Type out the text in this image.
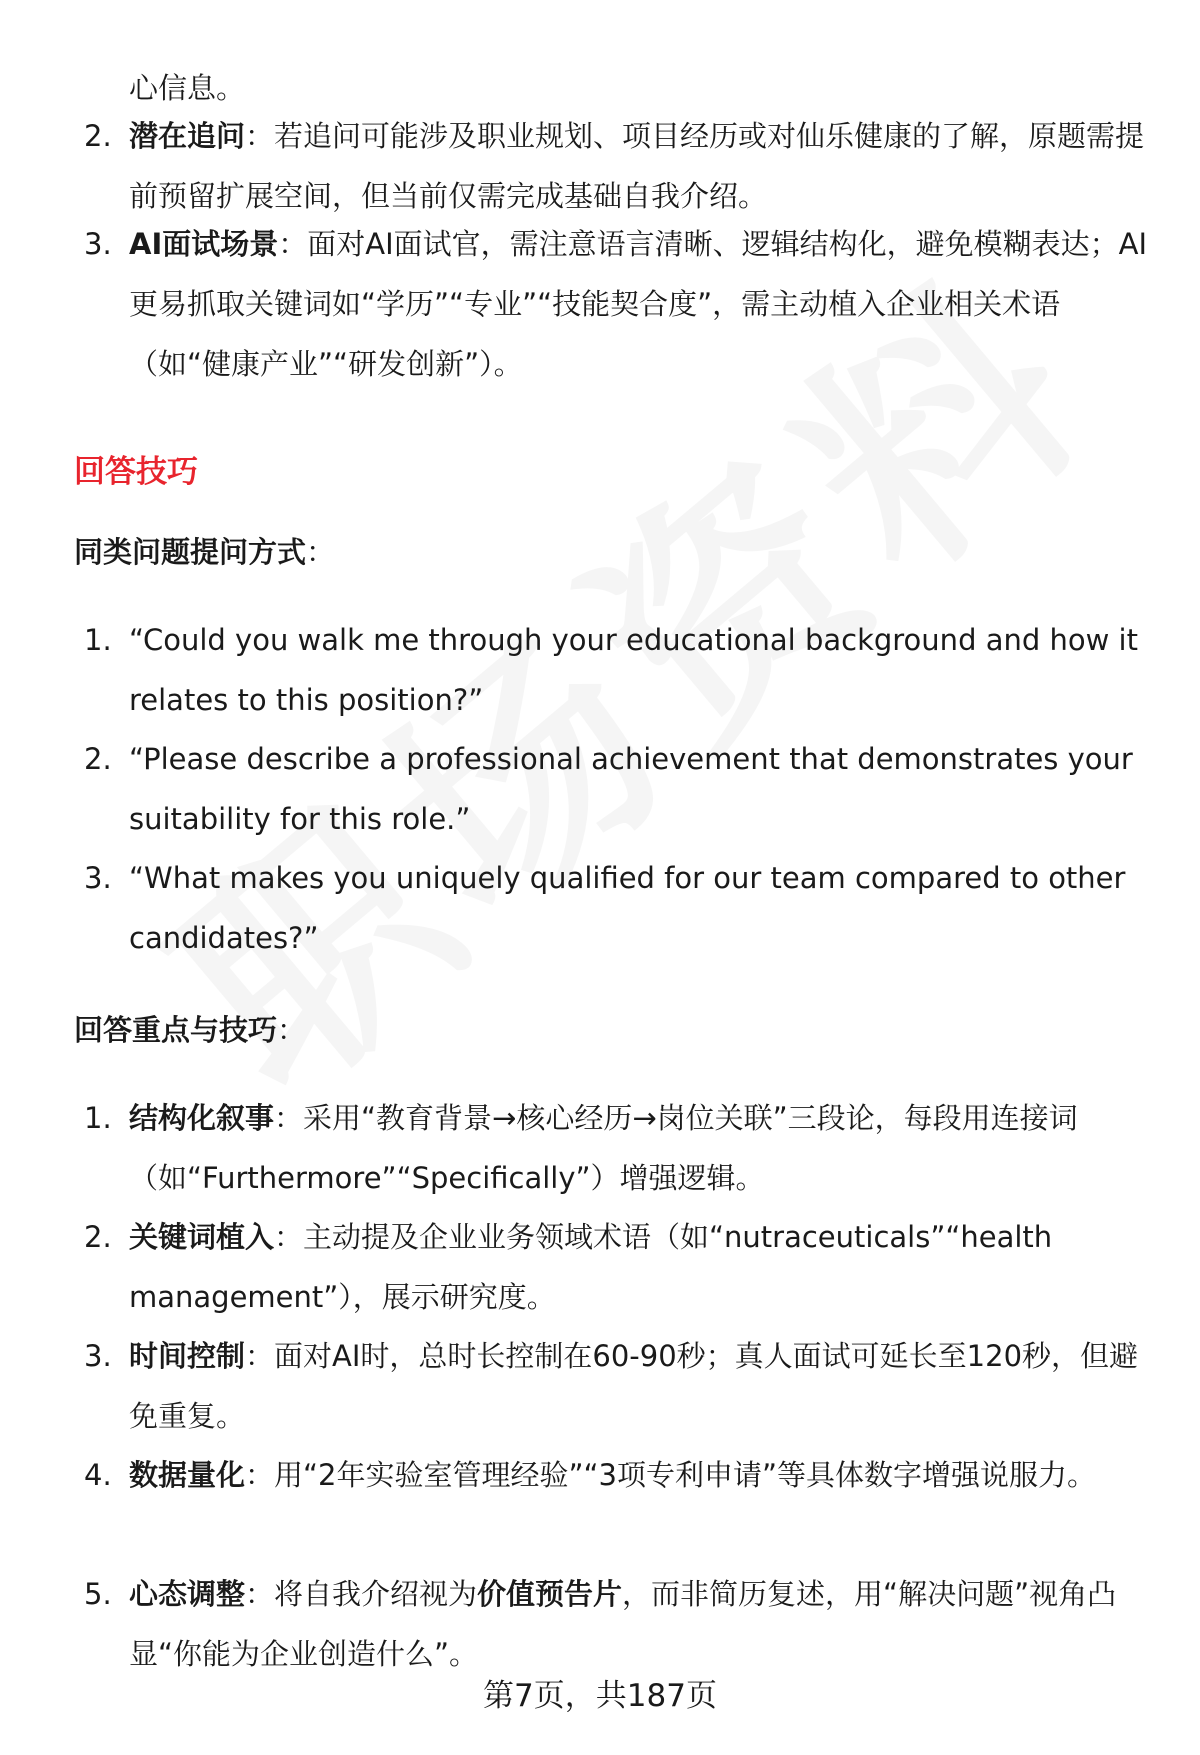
心信息。
2. 潜在追问：若追问可能涉及职业规划、项目经历或对仙乐健康的了解，原题需提前预留扩展空间，但当前仅需完成基础自我介绍。
3. AI面试场景：面对AI面试官，需注意语言清晰、逻辑结构化，避免模糊表达；AI更易抓取关键词如“学历”“专业”“技能契合度”，需主动植入企业相关术语（如“健康产业”“研发创新”）。
回答技巧
同类问题提问方式：
1. “Could you walk me through your educational background and how it relates to this position?”
2. “Please describe a professional achievement that demonstrates your suitability for this role.”
3. “What makes you uniquely qualified for our team compared to other candidates?”
回答重点与技巧：
1. 结构化叙事：采用“教育背景→核心经历→岗位关联”三段论，每段用连接词（如“Furthermore”“Specifically”）增强逻辑。
2. 关键词植入：主动提及企业业务领域术语（如“nutraceuticals”“health management”），展示研究度。
3. 时间控制：面对AI时，总时长控制在60-90秒；真人面试可延长至120秒，但避免重复。
4. 数据量化：用“2年实验室管理经验”“3项专利申请”等具体数字增强说服力。
5. 心态调整：将自我介绍视为价值预告片，而非简历复述，用“解决问题”视角凸显“你能为企业创造什么”。
第7页，共187页
